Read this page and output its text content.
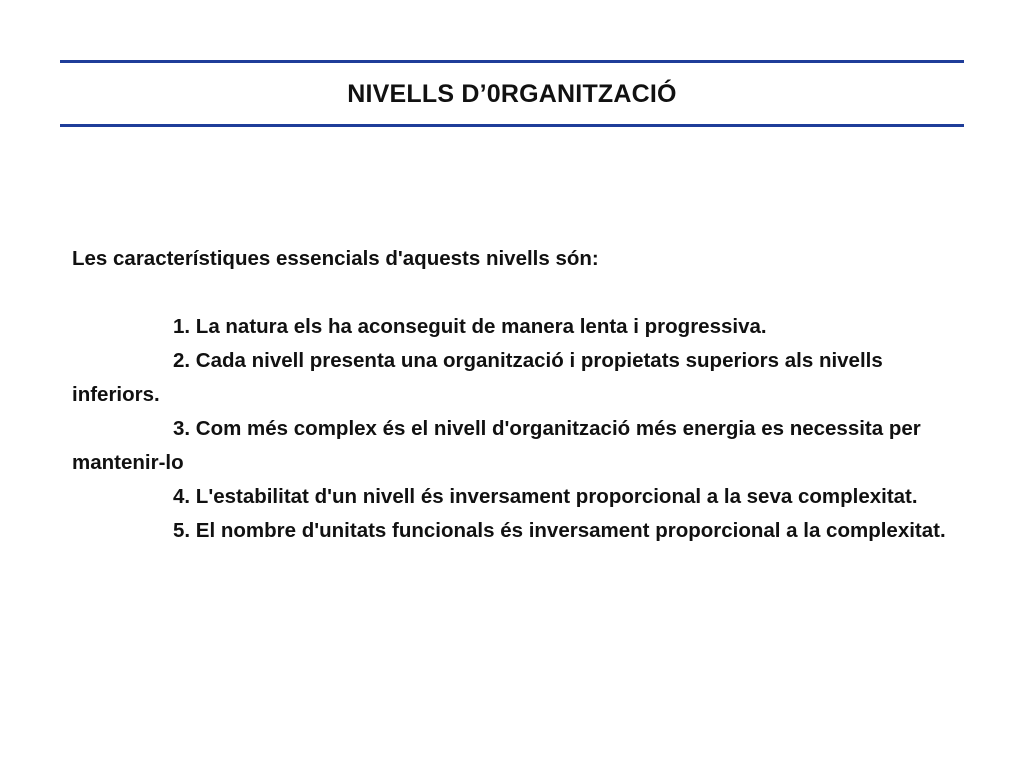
NIVELLS D’0RGANITZACIÓ

Les característiques essencials d'aquests nivells són:

1. La natura els ha aconseguit de manera lenta i progressiva.
2. Cada nivell presenta una organització i propietats superiors als nivells inferiors.
3. Com més complex és el nivell d'organització més energia es necessita per mantenir-lo
4. L'estabilitat d'un nivell és inversament proporcional a la seva complexitat.
5. El nombre d'unitats funcionals és inversament proporcional a la complexitat.
